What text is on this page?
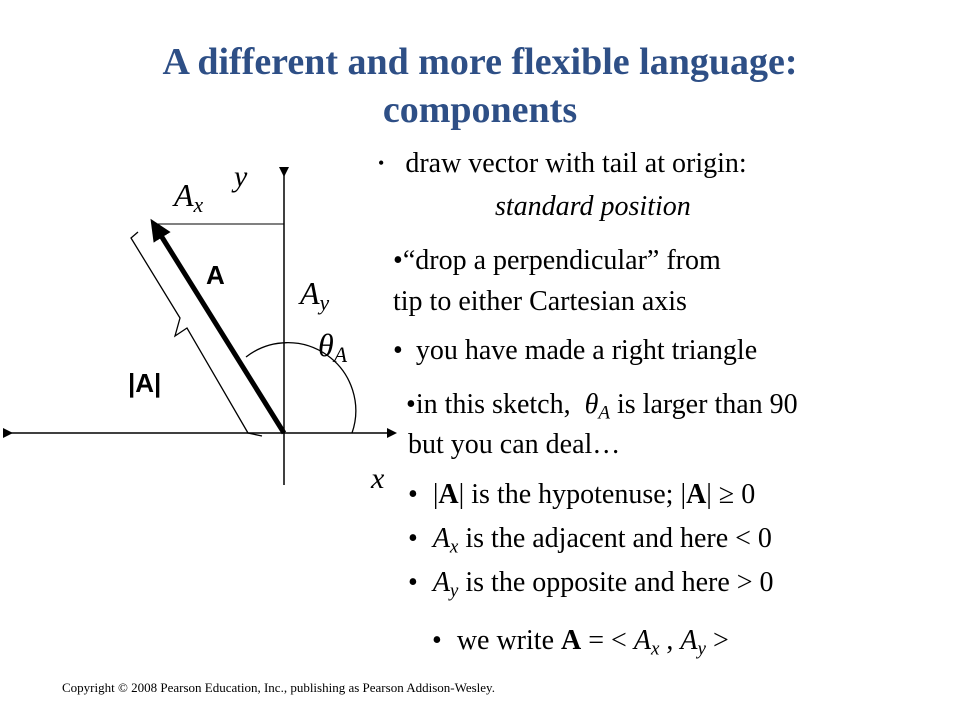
A different and more flexible language:
components
y
x
A
|A|
$A_x$
$A_y$
$\theta_A$
• draw vector with tail at origin:
standard position
•“drop a perpendicular” from
tip to either Cartesian axis
• you have made a right triangle
•in this sketch,  $\theta_A$ is larger than 90
but you can deal…
• |A| is the hypotenuse; |A| ≥ 0
• $A_x$ is the adjacent and here < 0
• $A_y$ is the opposite and here > 0
• we write A = < $A_x$ , $A_y$ >
Copyright © 2008 Pearson Education, Inc., publishing as Pearson Addison-Wesley.
